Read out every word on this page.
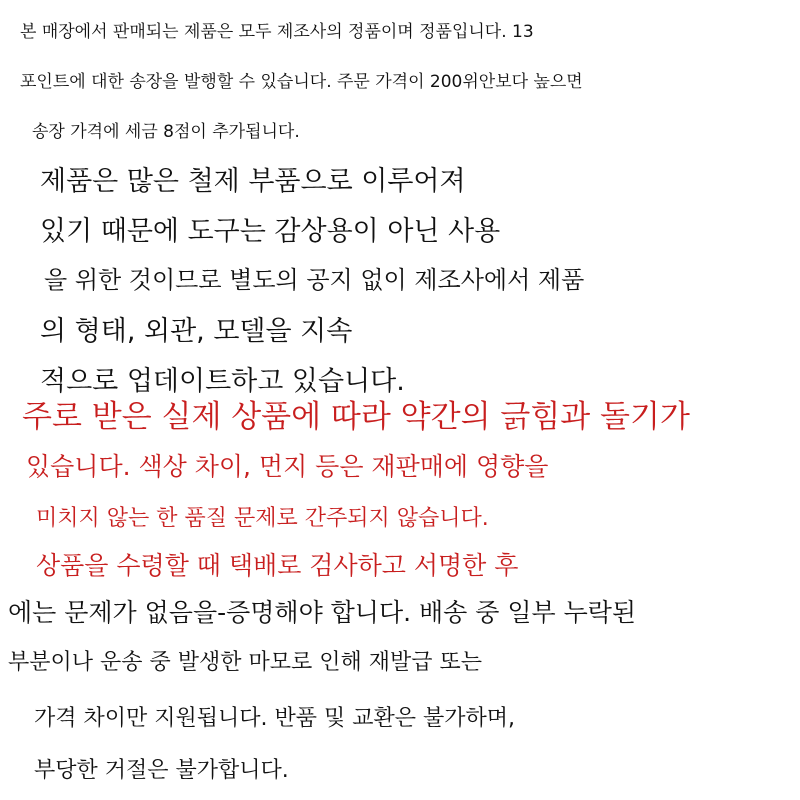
본 매장에서 판매되는 제품은 모두 제조사의 정품이며 정품입니다. 13
포인트에 대한 송장을 발행할 수 있습니다. 주문 가격이 200위안보다 높으면
송장 가격에 세금 8점이 추가됩니다.
제품은 많은 철제 부품으로 이루어져
있기 때문에 도구는 감상용이 아닌 사용
을 위한 것이므로 별도의 공지 없이 제조사에서 제품
의 형태, 외관, 모델을 지속
적으로 업데이트하고 있습니다.
주로 받은 실제 상품에 따라 약간의 긁힘과 돌기가
있습니다. 색상 차이, 먼지 등은 재판매에 영향을
미치지 않는 한 품질 문제로 간주되지 않습니다.
상품을 수령할 때 택배로 검사하고 서명한 후
에는 문제가 없음을-증명해야 합니다. 배송 중 일부 누락된
부분이나 운송 중 발생한 마모로 인해 재발급 또는
가격 차이만 지원됩니다. 반품 및 교환은 불가하며,
부당한 거절은 불가합니다.
